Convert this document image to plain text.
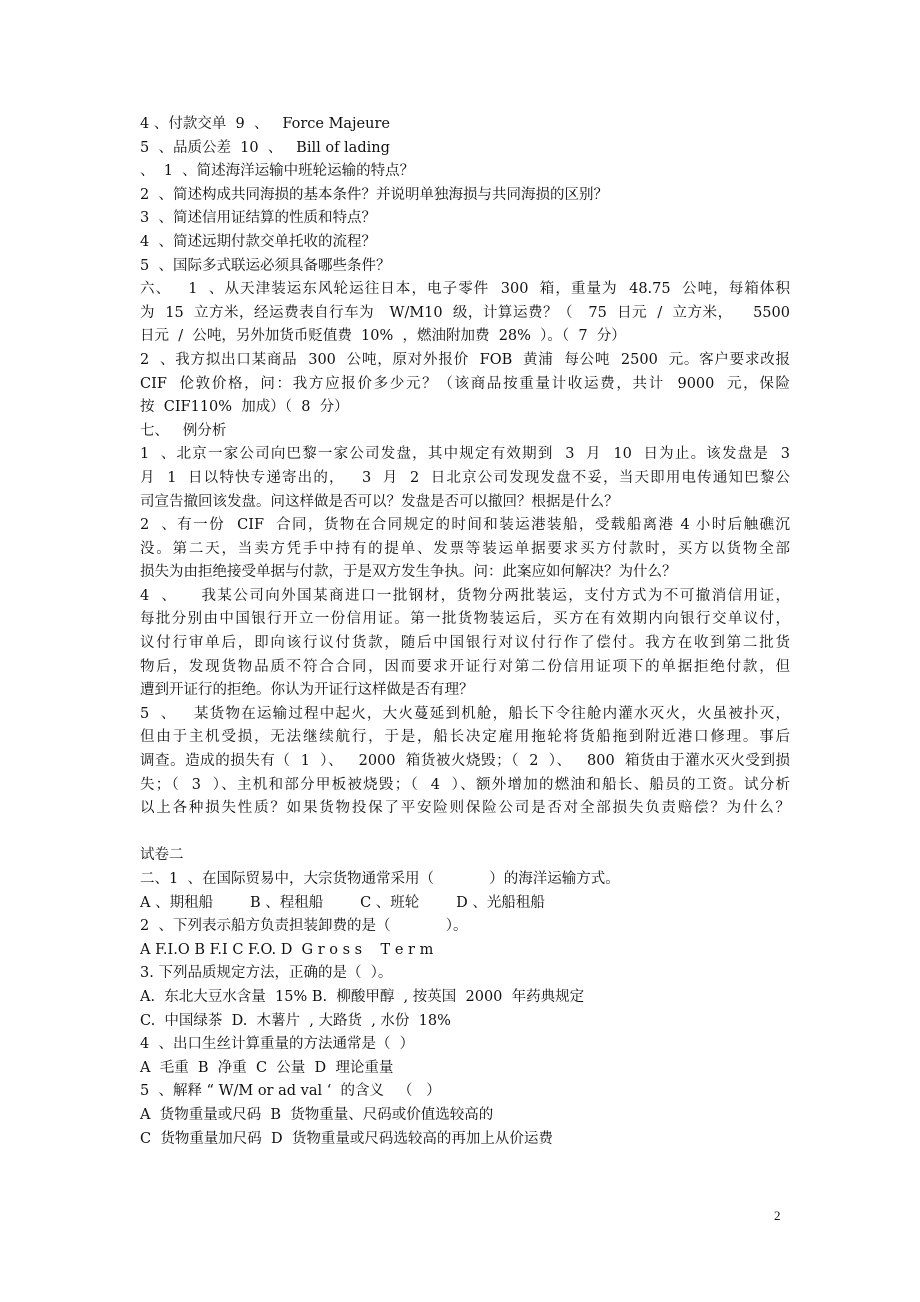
4 、付款交单  9  、   Force Majeure
5  、品质公差  10  、   Bill of lading
、  1  、简述海洋运输中班轮运输的特点？
2  、简述构成共同海损的基本条件？并说明单独海损与共同海损的区别？
3  、简述信用证结算的性质和特点？
4  、简述远期付款交单托收的流程？
5  、国际多式联运必须具备哪些条件？
六、   1  、从天津装运东风轮运往日本，电子零件  300  箱，重量为  48.75  公吨，每箱体积
为  15  立方米，经运费表自行车为   W/M10  级，计算运费？（   75  日元  /  立方米，    5500
日元  /  公吨，另外加货币贬值费  10%  ，燃油附加费  28%  ）。（  7  分）
2  、我方拟出口某商品  300  公吨，原对外报价  FOB  黄浦  每公吨  2500  元。客户要求改报
CIF  伦敦价格，问：我方应报价多少元？（该商品按重量计收运费，共计  9000  元，保险
按  CIF110%  加成）（  8  分）
七、   例分析
1  、北京一家公司向巴黎一家公司发盘，其中规定有效期到  3  月  10  日为止。该发盘是  3
月  1  日以特快专递寄出的，   3  月  2  日北京公司发现发盘不妥，当天即用电传通知巴黎公
司宣告撤回该发盘。问这样做是否可以？发盘是否可以撤回？根据是什么？
2  、有一份  CIF  合同，货物在合同规定的时间和装运港装船，受载船离港 4 小时后触礁沉
没。第二天，当卖方凭手中持有的提单、发票等装运单据要求买方付款时，买方以货物全部
损失为由拒绝接受单据与付款，于是双方发生争执。问：此案应如何解决？为什么？
4  、    我某公司向外国某商进口一批钢材，货物分两批装运，支付方式为不可撤消信用证，
每批分别由中国银行开立一份信用证。第一批货物装运后，买方在有效期内向银行交单议付，
议付行审单后，即向该行议付货款，随后中国银行对议付行作了偿付。我方在收到第二批货
物后，发现货物品质不符合合同，因而要求开证行对第二份信用证项下的单据拒绝付款，但
遭到开证行的拒绝。你认为开证行这样做是否有理？
5  、   某货物在运输过程中起火，大火蔓延到机舱，船长下令往舱内灌水灭火，火虽被扑灭，
但由于主机受损，无法继续航行，于是，船长决定雇用拖轮将货船拖到附近港口修理。事后
调查。造成的损失有（  1  ）、   2000  箱货被火烧毁；（  2  ）、   800  箱货由于灌水灭火受到损
失；（  3  ）、主机和部分甲板被烧毁；（  4  ）、额外增加的燃油和船长、船员的工资。试分析
以上各种损失性质？如果货物投保了平安险则保险公司是否对全部损失负责赔偿？为什么？
试卷二
二、1  、在国际贸易中，大宗货物通常采用（            ）的海洋运输方式。
A 、期租船        B 、程租船        C 、班轮        D 、光船租船
2  、下列表示船方负责担装卸费的是（            ）。
A F.I.O B F.I C F.O. D  G r o s s    T e r m
3. 下列品质规定方法，正确的是（  ）。
A.  东北大豆水含量  15% B.  柳酸甲醇  , 按英国  2000  年药典规定
C.  中国绿茶  D.  木薯片  , 大路货  , 水份  18%
4  、出口生丝计算重量的方法通常是（  ）
A  毛重  B  净重  C  公量  D  理论重量
5  、解释 “ W/M or ad val ‘  的含义   （   ）
A  货物重量或尺码  B  货物重量、尺码或价值选较高的
C  货物重量加尺码  D  货物重量或尺码选较高的再加上从价运费
2
